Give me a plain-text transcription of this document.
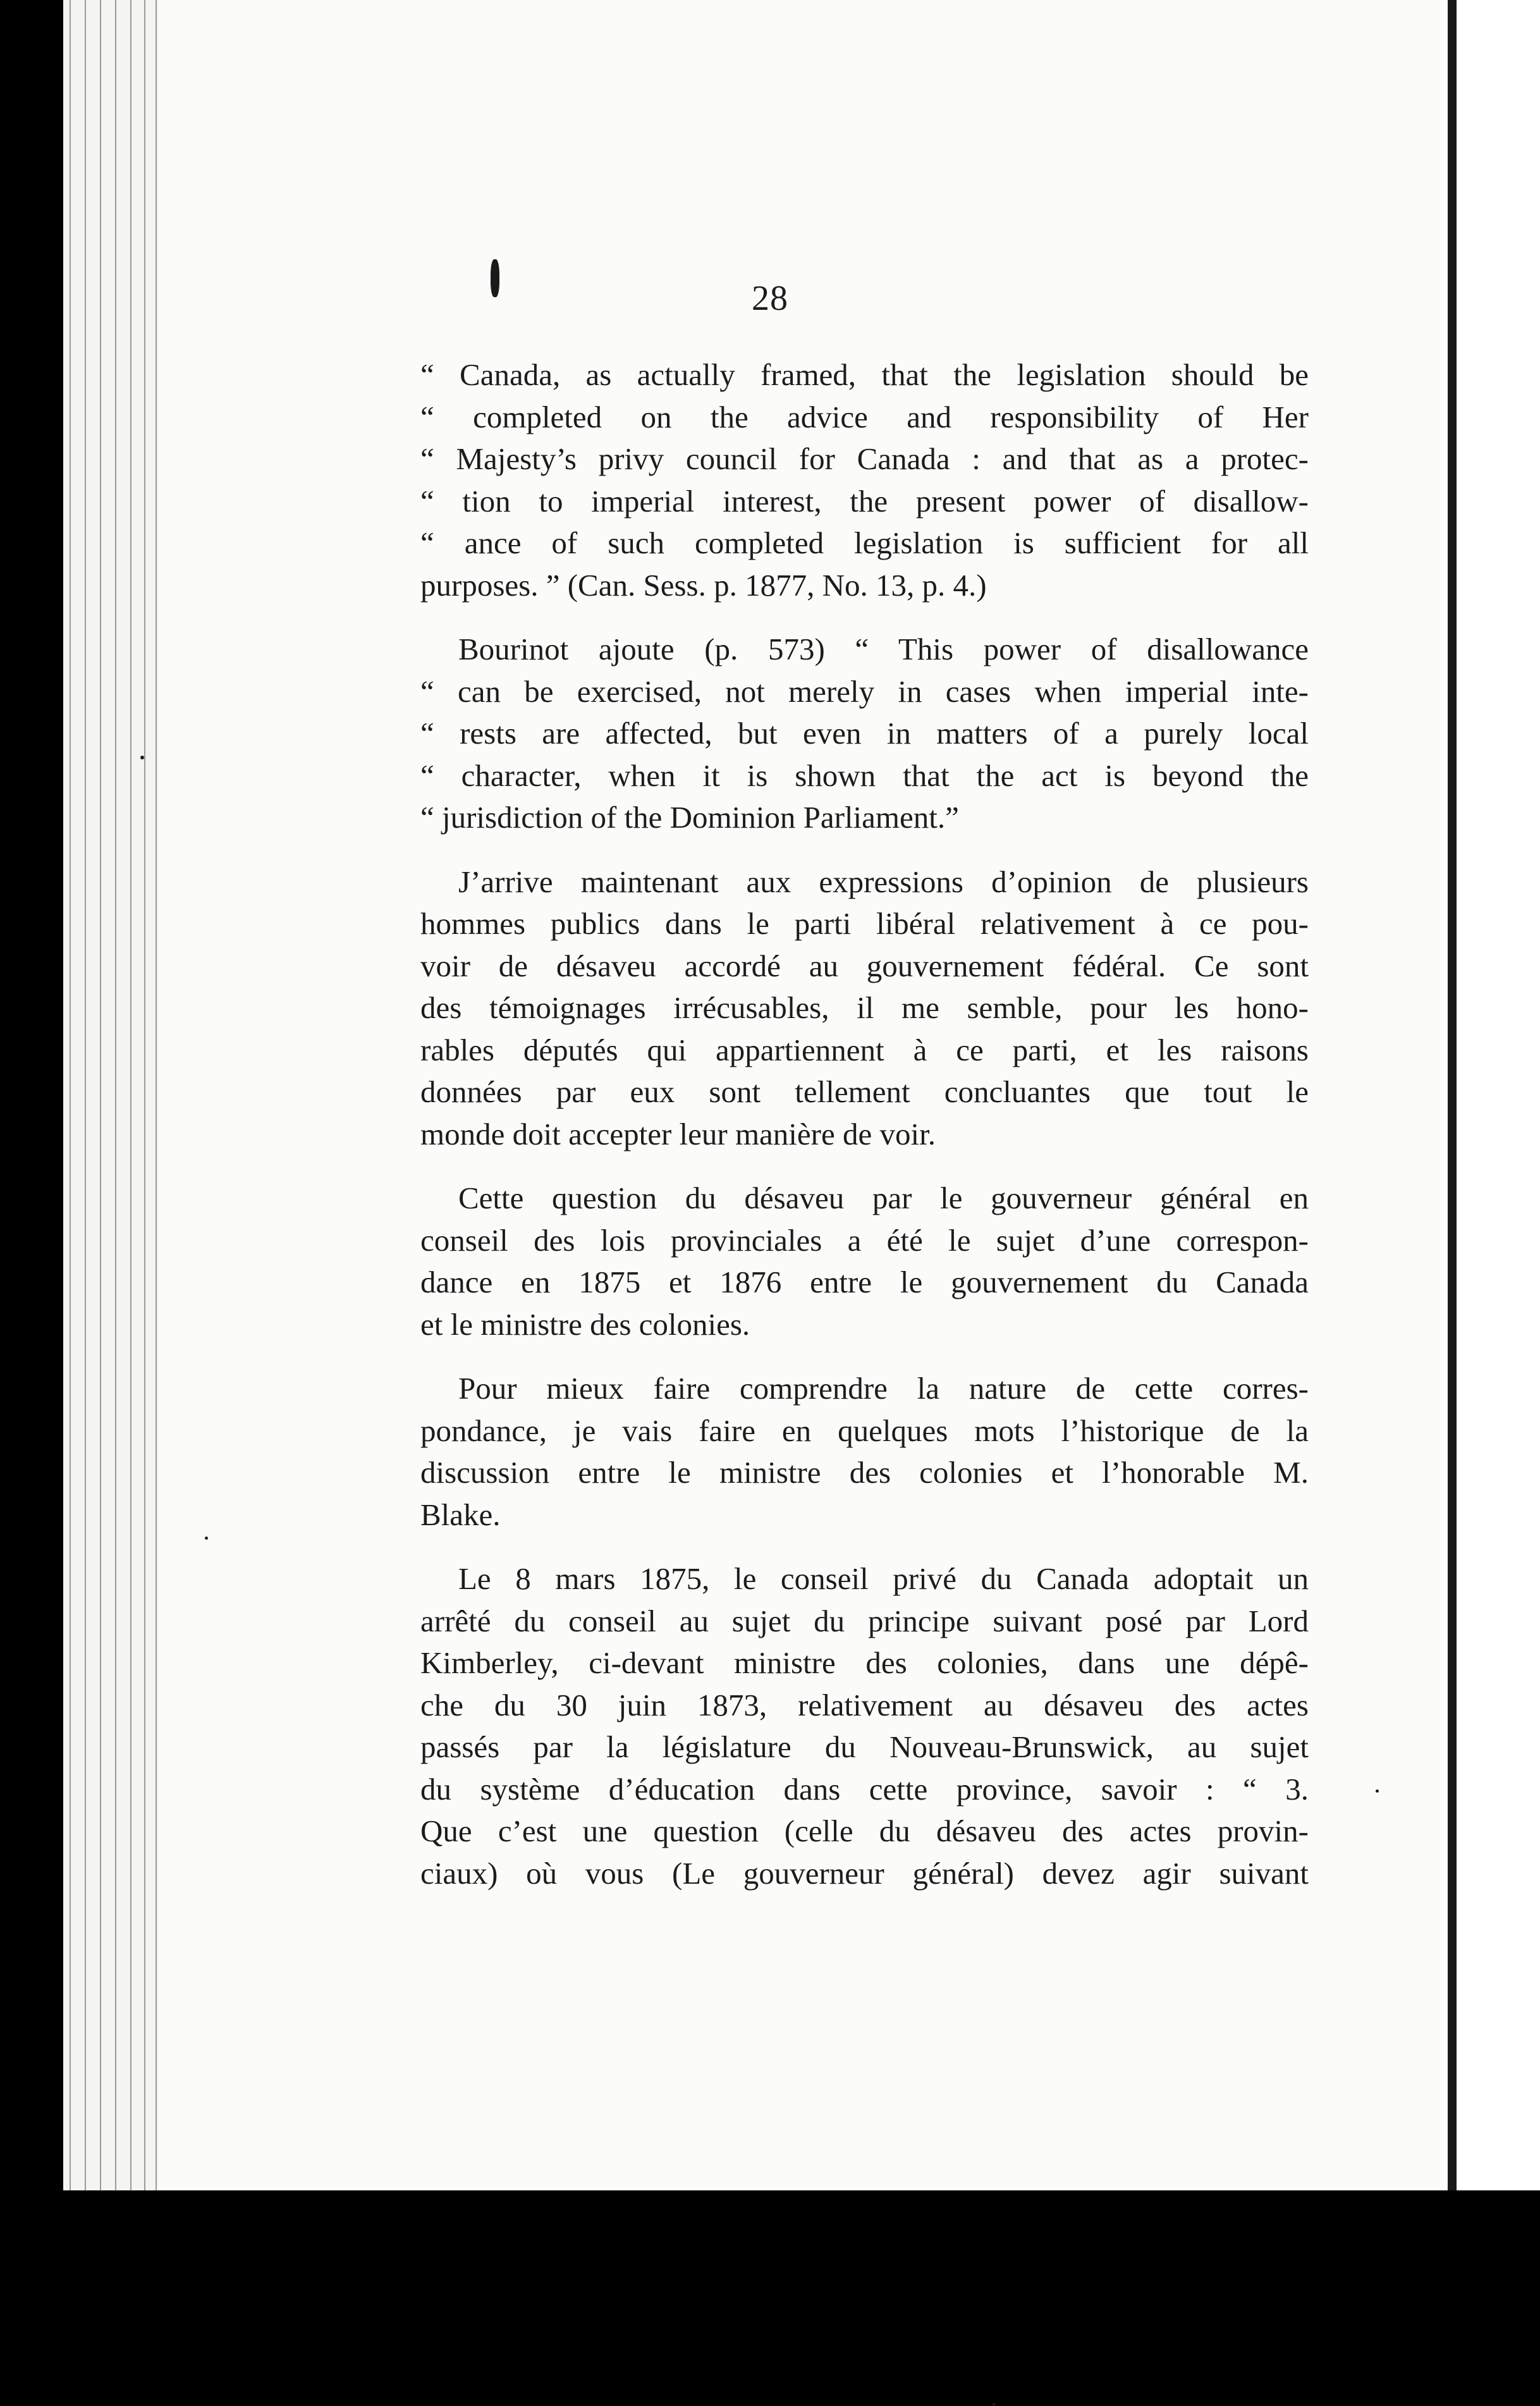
28
“ Canada, as actually framed, that the legislation should be
“ completed on the advice and responsibility of Her
“ Majesty’s privy council for Canada : and that as a protec-
“ tion to imperial interest, the present power of disallow-
“ ance of such completed legislation is sufficient for all
purposes. ” (Can. Sess. p. 1877, No. 13, p. 4.)
Bourinot ajoute (p. 573) “ This power of disallowance
“ can be exercised, not merely in cases when imperial inte-
“ rests are affected, but even in matters of a purely local
“ character, when it is shown that the act is beyond the
“ jurisdiction of the Dominion Parliament.”
J’arrive maintenant aux expressions d’opinion de plusieurs
hommes publics dans le parti libéral relativement à ce pou-
voir de désaveu accordé au gouvernement fédéral. Ce sont
des témoignages irrécusables, il me semble, pour les hono-
rables députés qui appartiennent à ce parti, et les raisons
données par eux sont tellement concluantes que tout le
monde doit accepter leur manière de voir.
Cette question du désaveu par le gouverneur général en
conseil des lois provinciales a été le sujet d’une correspon-
dance en 1875 et 1876 entre le gouvernement du Canada
et le ministre des colonies.
Pour mieux faire comprendre la nature de cette corres-
pondance, je vais faire en quelques mots l’historique de la
discussion entre le ministre des colonies et l’honorable M.
Blake.
Le 8 mars 1875, le conseil privé du Canada adoptait un
arrêté du conseil au sujet du principe suivant posé par Lord
Kimberley, ci-devant ministre des colonies, dans une dépê-
che du 30 juin 1873, relativement au désaveu des actes
passés par la législature du Nouveau-Brunswick, au sujet
du système d’éducation dans cette province, savoir : “ 3.
Que c’est une question (celle du désaveu des actes provin-
ciaux) où vous (Le gouverneur général) devez agir suivant
